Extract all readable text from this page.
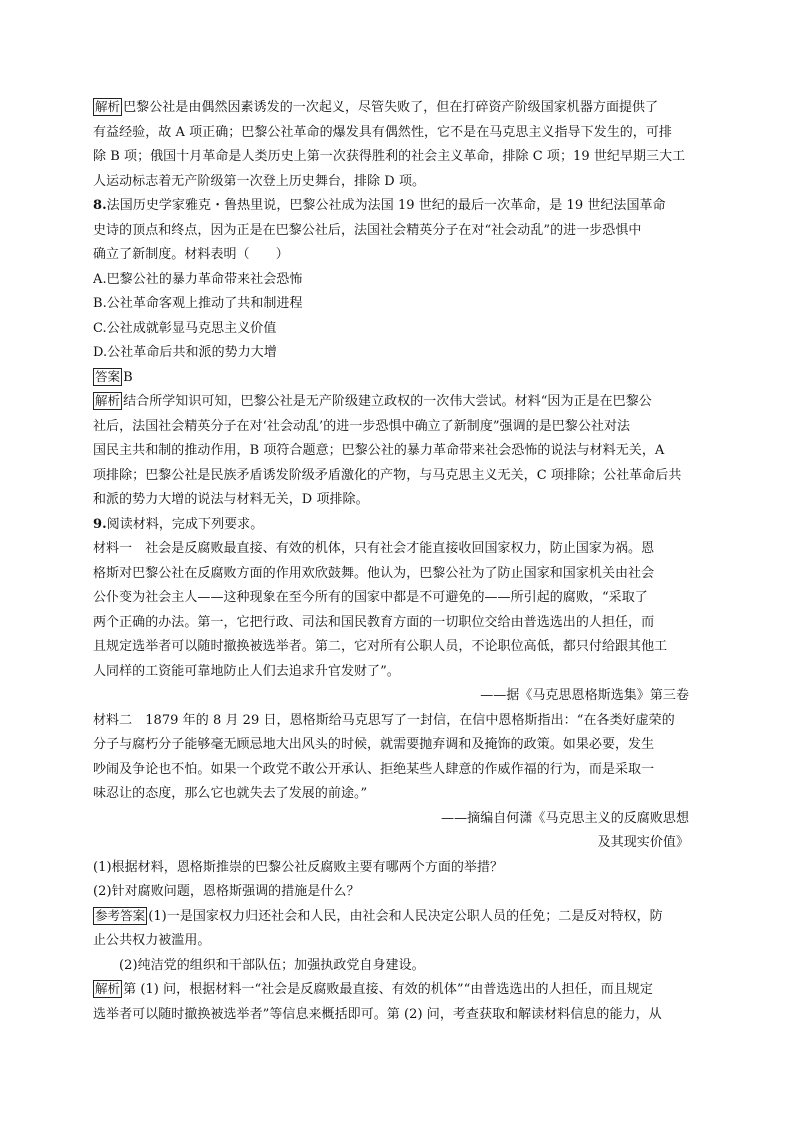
解析 巴黎公社是由偶然因素诱发的一次起义，尽管失败了，但在打碎资产阶级国家机器方面提供了

有益经验，故 A 项正确；巴黎公社革命的爆发具有偶然性，它不是在马克思主义指导下发生的，可排

除 B 项；俄国十月革命是人类历史上第一次获得胜利的社会主义革命，排除 C 项；19 世纪早期三大工

人运动标志着无产阶级第一次登上历史舞台，排除 D 项。

8.法国历史学家雅克・鲁热里说，巴黎公社成为法国 19 世纪的最后一次革命，是 19 世纪法国革命

史诗的顶点和终点，因为正是在巴黎公社后，法国社会精英分子在对“社会动乱”的进一步恐惧中

确立了新制度。材料表明（　　）

A.巴黎公社的暴力革命带来社会恐怖

B.公社革命客观上推动了共和制进程

C.公社成就彰显马克思主义价值

D.公社革命后共和派的势力大增

答案 B

解析 结合所学知识可知，巴黎公社是无产阶级建立政权的一次伟大尝试。材料“因为正是在巴黎公

社后，法国社会精英分子在对‘社会动乱’的进一步恐惧中确立了新制度”强调的是巴黎公社对法

国民主共和制的推动作用，B 项符合题意；巴黎公社的暴力革命带来社会恐怖的说法与材料无关，A

项排除；巴黎公社是民族矛盾诱发阶级矛盾激化的产物，与马克思主义无关，C 项排除；公社革命后共

和派的势力大增的说法与材料无关，D 项排除。

9.阅读材料，完成下列要求。

材料一　社会是反腐败最直接、有效的机体，只有社会才能直接收回国家权力，防止国家为祸。恩

格斯对巴黎公社在反腐败方面的作用欢欣鼓舞。他认为，巴黎公社为了防止国家和国家机关由社会

公仆变为社会主人——这种现象在至今所有的国家中都是不可避免的——所引起的腐败，“采取了

两个正确的办法。第一，它把行政、司法和国民教育方面的一切职位交给由普选选出的人担任，而

且规定选举者可以随时撤换被选举者。第二，它对所有公职人员，不论职位高低，都只付给跟其他工

人同样的工资能可靠地防止人们去追求升官发财了”。

——据《马克思恩格斯选集》第三卷

材料二　1879 年的 8 月 29 日，恩格斯给马克思写了一封信，在信中恩格斯指出：“在各类好虚荣的

分子与腐朽分子能够毫无顾忌地大出风头的时候，就需要抛弃调和及掩饰的政策。如果必要，发生

吵闹及争论也不怕。如果一个政党不敢公开承认、拒绝某些人肆意的作威作福的行为，而是采取一

味忍让的态度，那么它也就失去了发展的前途。”

——摘编自何潇《马克思主义的反腐败思想

及其现实价值》

(1)根据材料，恩格斯推崇的巴黎公社反腐败主要有哪两个方面的举措？

(2)针对腐败问题，恩格斯强调的措施是什么？

参考答案 (1)一是国家权力归还社会和人民，由社会和人民决定公职人员的任免；二是反对特权，防

止公共权力被滥用。

(2)纯洁党的组织和干部队伍；加强执政党自身建设。

解析 第 (1) 问，根据材料一“社会是反腐败最直接、有效的机体”“由普选选出的人担任，而且规定

选举者可以随时撤换被选举者”等信息来概括即可。第 (2) 问，考查获取和解读材料信息的能力，从
